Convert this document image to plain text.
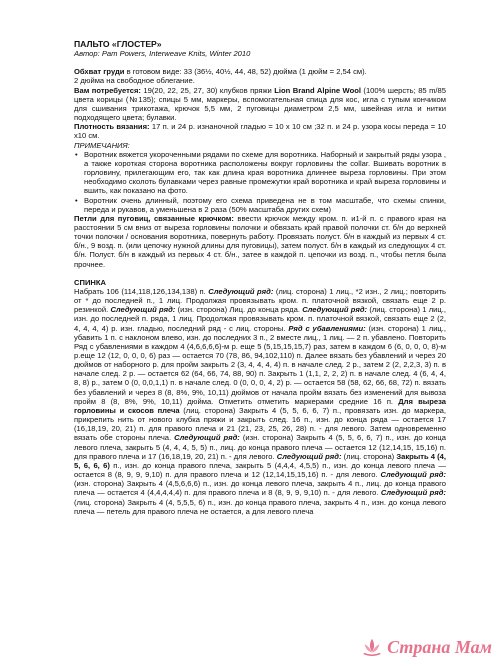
ПАЛЬТО «ГЛОСТЕР»

Автор: Pam Powers, Interweave Knits, Winter 2010

Обхват груди в готовом виде: 33 (36½, 40½, 44, 48, 52) дюйма (1 дюйм = 2,54 см).

2 дюйма на свободное облегание.

Вам потребуется: 19(20, 22, 25, 27, 30) клубков пряжи Lion Brand Alpine Wool (100% шерсть; 85 m/85 цвета корицы (№135); спицы 5 мм, маркеры, вспомогательная спица для кос, игла с тупым кончиком для сшивания трикотажа, крючок 5,5 мм, 2 пуговицы диаметром 2,5 мм, швейная игла и нитки подходящего цвета; булавки.

Плотность вязания: 17 п. и 24 р. изнаночной гладью = 10 х 10 см ;32 п. и 24 р. узора косы переда = 10 х10 см.

ПРИМЕЧАНИЯ:

• Воротник вяжется укороченными рядами по схеме для воротника. Наборный и закрытый ряды узора , а также короткая сторона воротника расположены вокруг горловины the collar. Вшивать воротник в горловину, прилегающим его, так как длина края воротника длиннее выреза горловины. При этом необходимо сколоть булавками через равные промежутки край воротника и край выреза горловины и вшить, как показано на фото.

• Воротник очень длинный, поэтому его схема приведена не в том масштабе, что схемы спинки, переда и рукавов, а уменьшена в 2 раза (50% масштаба других схем)

Петли для пуговиц, связанные крючком: ввести крючок между кром. п. и1-й п. с правого края на расстоянии 5 см вниз от выреза горловины полочки и обвязать край правой полочки ст. б/н до верхней точки полочки / основания воротника, повернуть работу. Провязать полуст. б/н в каждый из первых 4 ст. б/н., 9 возд. п. (или цепочку нужной длины для пуговицы), затем полуст. б/н в каждый из следующих 4 ст. б/н. Полуст. б/н в каждый из первых 4 ст. б/н., затее в каждой п. цепочки из возд. п., чтобы петля была прочнее.

СПИНКА

Набрать 106 (114,118,126,134,138) п. Следующий ряд: (лиц. сторона) 1 лиц., *2 изн., 2 лиц.; повторить от * до последней п., 1 лиц. Продолжая провязывать кром. п. платочной вязкой, связать еще 2 р. резинкой. Следующий ряд: (изн. сторона) Лиц. до конца ряда. Следующий ряд: (лиц. сторона) 1 лиц., изн. до последней п. ряда, 1 лиц. Продолжая провязывать кром. п. платочной вязкой, связать еще 2 (2, 4, 4, 4, 4) р. изн. гладью, последний ряд - с лиц. стороны. Ряд с убавлениями: (изн. сторона) 1 лиц., убавить 1 п. с наклоном влево, изн. до последних 3 п., 2 вместе лиц., 1 лиц. — 2 п. убавлено. Повторить Ряд с убавлениями в каждом 4 (4,6,6,6,6)-м р. еще 5 (5,15,15,15,7) раз, затем в каждом 6 (6, 0, 0, 0, 8)-м р.еще 12 (12, 0, 0, 0, 6) раз — остается 70 (78, 86, 94,102,110) п. Далее вязать без убавлений и через 20 дюймов от наборного р. для пройм закрыть 2 (3, 4, 4, 4, 4) п. в начале след. 2 р., затем 2 (2, 2,2,3, 3) п. в начале след. 2 р. — остается 62 (64, 66, 74, 88, 90) п. Закрыть 1 (1,1, 2, 2, 2) п. в начале след. 4 (6, 4, 4, 8, 8) р., затем 0 (0, 0,0,1,1) п. в начале след. 0 (0, 0, 0, 4, 2) р. — остается 58 (58, 62, 66, 68, 72) п. вязать без убавлений и через 8 (8, 8%, 9%, 10,11) дюймов от начала пройм вязать без изменений для вывоза пройм 8 (8, 8%, 9%, 10,11) дюйма. Отметить отметить маркерами средние 16 п. Для выреза горловины и скосов плеча (лиц. сторона) Закрыть 4 (5, 5, 6, 6, 7) п., провязать изн. до маркера, прикрепить нить от нового клубка пряжи и закрыть след. 16 п., изн. до конца ряда — остается 17 (16,18,19, 20, 21) п. для правого плеча и 21 (21, 23, 25, 26, 28) п. - для левого. Затем одновременно вязать обе стороны плеча. Следующий ряд: (изн. сторона) Закрыть 4 (5, 5, 6, 6, 7) п., изн. до конца левого плеча, закрыть 5 (4, 4, 4, 5, 5) п., лиц. до конца правого плеча — остается 12 (12,14,15, 15,16) п. для правого плеча и 17 (16,18,19, 20, 21) п. - для левого. Следующий ряд: (лиц. сторона) Закрыть 4 (4, 5, 6, 6, 6) п., изн. до конца правого плеча, закрыть 5 (4,4,4, 4,5,5) п., изн. до конца левого плеча — остается 8 (8, 9, 9, 9,10) п. для правого плеча и 12 (12,14,15,15,16) п. - для левого. Следующий ряд: (изн. сторона) Закрыть 4 (4,5,6,6,6) п., изн. до конца левого плеча, закрыть 4 п., лиц. до конца правого плеча — остается 4 (4,4,4,4,4) п. для правого плеча и 8 (8, 9, 9, 9,10) п. - для левого. Следующий ряд: (лиц. сторона) Закрыть 4 (4, 5,5,5, 6) п., изн. до конца правого плеча, закрыть 4 п., изн. до конца левого плеча — петель для правого плеча не остается, а для левого плеча

Страна Мам
